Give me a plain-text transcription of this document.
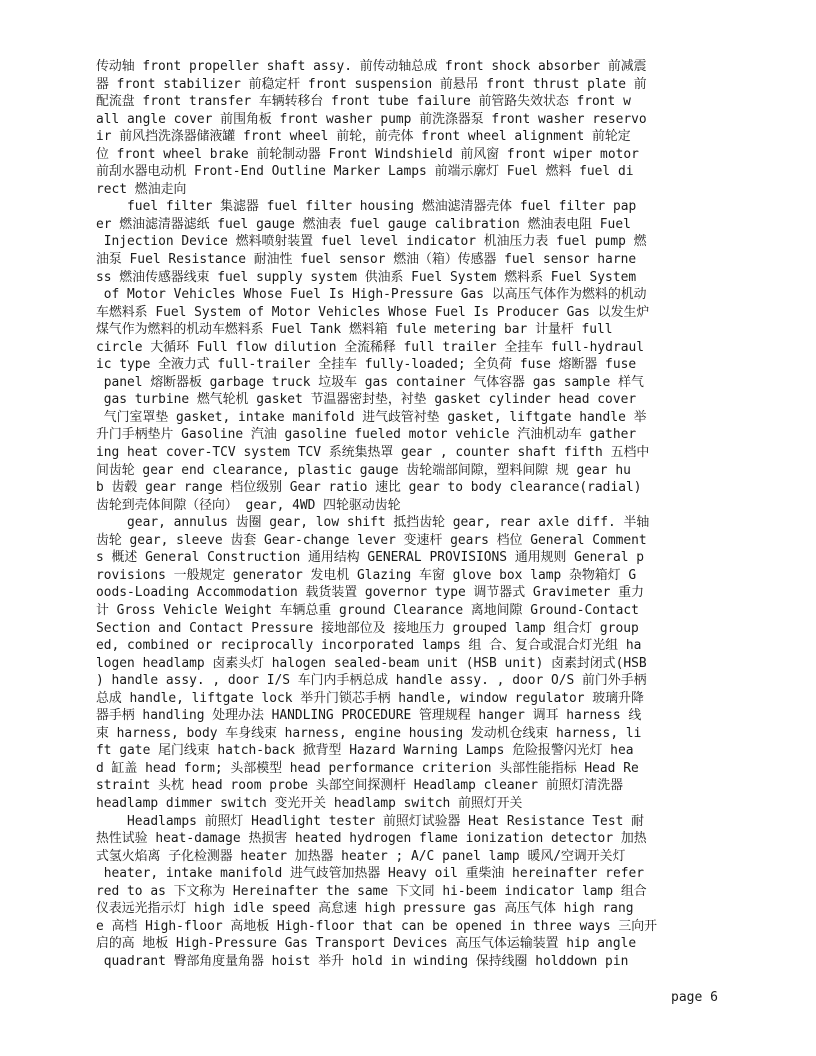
传动轴 front propeller shaft assy. 前传动轴总成 front shock absorber 前减震
器 front stabilizer 前稳定杆 front suspension 前悬吊 front thrust plate 前
配流盘 front transfer 车辆转移台 front tube failure 前管路失效状态 front w
all angle cover 前围角板 front washer pump 前洗涤器泵 front washer reservo
ir 前风挡洗涤器储液罐 front wheel 前轮，前壳体 front wheel alignment 前轮定
位 front wheel brake 前轮制动器 Front Windshield 前风窗 front wiper motor
前刮水器电动机 Front-End Outline Marker Lamps 前端示廓灯 Fuel 燃料 fuel di
rect 燃油走向
fuel filter 集滤器 fuel filter housing 燃油滤清器壳体 fuel filter pap
er 燃油滤清器滤纸 fuel gauge 燃油表 fuel gauge calibration 燃油表电阻 Fuel
Injection Device 燃料喷射装置 fuel level indicator 机油压力表 fuel pump 燃
油泵 Fuel Resistance 耐油性 fuel sensor 燃油（箱）传感器 fuel sensor harne
ss 燃油传感器线束 fuel supply system 供油系 Fuel System 燃料系 Fuel System
of Motor Vehicles Whose Fuel Is High-Pressure Gas 以高压气体作为燃料的机动
车燃料系 Fuel System of Motor Vehicles Whose Fuel Is Producer Gas 以发生炉
煤气作为燃料的机动车燃料系 Fuel Tank 燃料箱 fule metering bar 计量杆 full
circle 大循环 Full flow dilution 全流稀释 full trailer 全挂车 full-hydraul
ic type 全液力式 full-trailer 全挂车 fully-loaded; 全负荷 fuse 熔断器 fuse
panel 熔断器板 garbage truck 垃圾车 gas container 气体容器 gas sample 样气
gas turbine 燃气轮机 gasket 节温器密封垫，衬垫 gasket cylinder head cover
气门室罩垫 gasket, intake manifold 进气歧管衬垫 gasket, liftgate handle 举
升门手柄垫片 Gasoline 汽油 gasoline fueled motor vehicle 汽油机动车 gather
ing heat cover-TCV system TCV 系统集热罩 gear , counter shaft fifth 五档中
间齿轮 gear end clearance, plastic gauge 齿轮端部间隙，塑料间隙 规 gear hu
b 齿毂 gear range 档位级别 Gear ratio 速比 gear to body clearance(radial)
齿轮到壳体间隙（径向） gear, 4WD 四轮驱动齿轮
gear, annulus 齿圈 gear, low shift 抵挡齿轮 gear, rear axle diff. 半轴
齿轮 gear, sleeve 齿套 Gear-change lever 变速杆 gears 档位 General Comment
s 概述 General Construction 通用结构 GENERAL PROVISIONS 通用规则 General p
rovisions 一般规定 generator 发电机 Glazing 车窗 glove box lamp 杂物箱灯 G
oods-Loading Accommodation 载货装置 governor type 调节器式 Gravimeter 重力
计 Gross Vehicle Weight 车辆总重 ground Clearance 离地间隙 Ground-Contact
Section and Contact Pressure 接地部位及 接地压力 grouped lamp 组合灯 group
ed, combined or reciprocally incorporated lamps 组 合、复合或混合灯光组 ha
logen headlamp 卤素头灯 halogen sealed-beam unit (HSB unit) 卤素封闭式(HSB
) handle assy. , door I/S 车门内手柄总成 handle assy. , door O/S 前门外手柄
总成 handle, liftgate lock 举升门锁芯手柄 handle, window regulator 玻璃升降
器手柄 handling 处理办法 HANDLING PROCEDURE 管理规程 hanger 调耳 harness 线
束 harness, body 车身线束 harness, engine housing 发动机仓线束 harness, li
ft gate 尾门线束 hatch-back 掀背型 Hazard Warning Lamps 危险报警闪光灯 hea
d 缸盖 head form; 头部模型 head performance criterion 头部性能指标 Head Re
straint 头枕 head room probe 头部空间探测杆 Headlamp cleaner 前照灯清洗器
headlamp dimmer switch 变光开关 headlamp switch 前照灯开关
Headlamps 前照灯 Headlight tester 前照灯试验器 Heat Resistance Test 耐
热性试验 heat-damage 热损害 heated hydrogen flame ionization detector 加热
式氢火焰离 子化检测器 heater 加热器 heater ; A/C panel lamp 暖风/空调开关灯
heater, intake manifold 进气歧管加热器 Heavy oil 重柴油 hereinafter refer
red to as 下文称为 Hereinafter the same 下文同 hi-beem indicator lamp 组合
仪表远光指示灯 high idle speed 高怠速 high pressure gas 高压气体 high rang
e 高档 High-floor 高地板 High-floor that can be opened in three ways 三向开
启的高 地板 High-Pressure Gas Transport Devices 高压气体运输装置 hip angle
quadrant 臀部角度量角器 hoist 举升 hold in winding 保持线圈 holddown pin
page 6
